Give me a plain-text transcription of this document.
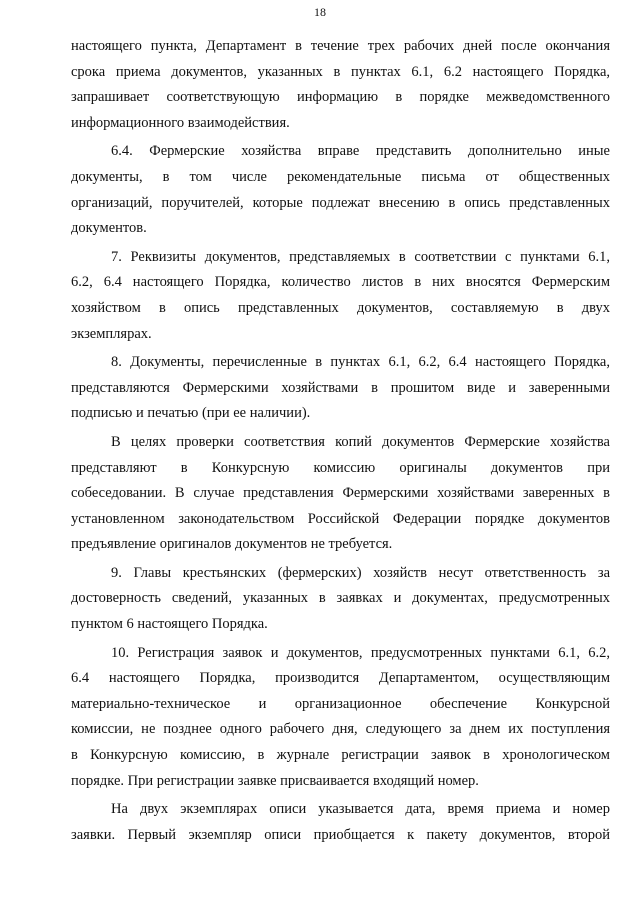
18
настоящего пункта, Департамент в течение трех рабочих дней после окончания
срока приема документов, указанных в пунктах 6.1, 6.2 настоящего Порядка,
запрашивает соответствующую информацию в порядке межведомственного
информационного взаимодействия.
6.4. Фермерские хозяйства вправе представить дополнительно иные
документы, в том числе рекомендательные письма от общественных
организаций, поручителей, которые подлежат внесению в опись представленных
документов.
7. Реквизиты документов, представляемых в соответствии с пунктами 6.1,
6.2, 6.4 настоящего Порядка, количество листов в них вносятся Фермерским
хозяйством в опись представленных документов, составляемую в двух
экземплярах.
8. Документы, перечисленные в пунктах 6.1, 6.2, 6.4 настоящего Порядка,
представляются Фермерскими хозяйствами в прошитом виде и заверенными
подписью и печатью (при ее наличии).
В целях проверки соответствия копий документов Фермерские хозяйства
представляют в Конкурсную комиссию оригиналы документов при
собеседовании. В случае представления Фермерскими хозяйствами заверенных в
установленном законодательством Российской Федерации порядке документов
предъявление оригиналов документов не требуется.
9. Главы крестьянских (фермерских) хозяйств несут ответственность за
достоверность сведений, указанных в заявках и документах, предусмотренных
пунктом 6 настоящего Порядка.
10. Регистрация заявок и документов, предусмотренных пунктами 6.1, 6.2,
6.4 настоящего Порядка, производится Департаментом, осуществляющим
материально-техническое и организационное обеспечение Конкурсной
комиссии, не позднее одного рабочего дня, следующего за днем их поступления
в Конкурсную комиссию, в журнале регистрации заявок в хронологическом
порядке. При регистрации заявке присваивается входящий номер.
На двух экземплярах описи указывается дата, время приема и номер
заявки. Первый экземпляр описи приобщается к пакету документов, второй
